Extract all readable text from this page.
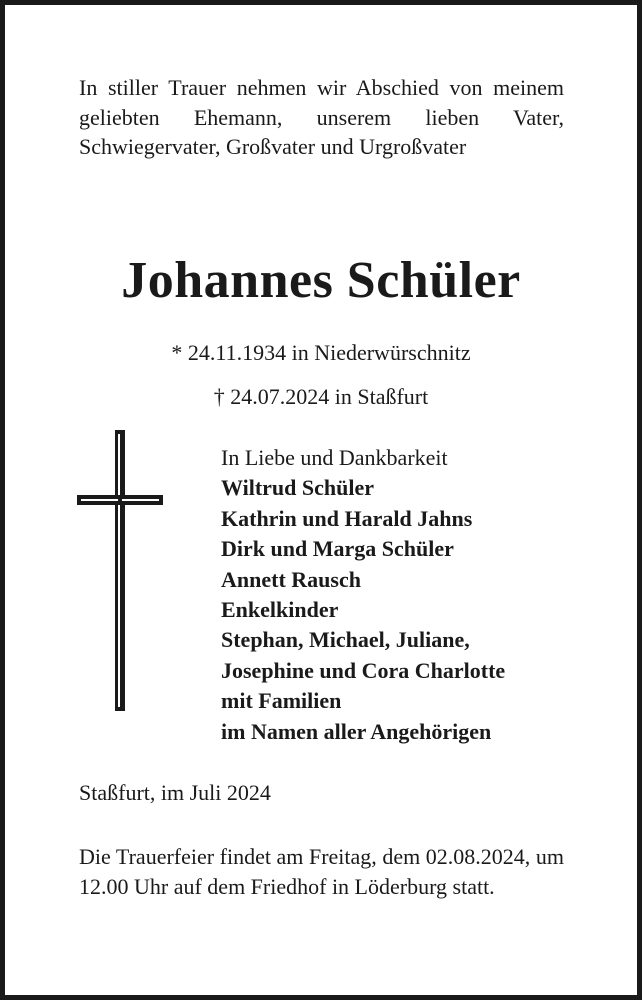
In stiller Trauer nehmen wir Abschied von meinem geliebten Ehemann, unserem lieben Vater, Schwiegervater, Großvater und Urgroßvater

Johannes Schüler
* 24.11.1934 in Niederwürschnitz
† 24.07.2024 in Staßfurt
In Liebe und Dankbarkeit
Wiltrud Schüler
Kathrin und Harald Jahns
Dirk und Marga Schüler
Annett Rausch
Enkelkinder
Stephan, Michael, Juliane,
Josephine und Cora Charlotte
mit Familien
im Namen aller Angehörigen
Staßfurt, im Juli 2024

Die Trauerfeier findet am Freitag, dem 02.08.2024, um 12.00 Uhr auf dem Friedhof in Löderburg statt.
